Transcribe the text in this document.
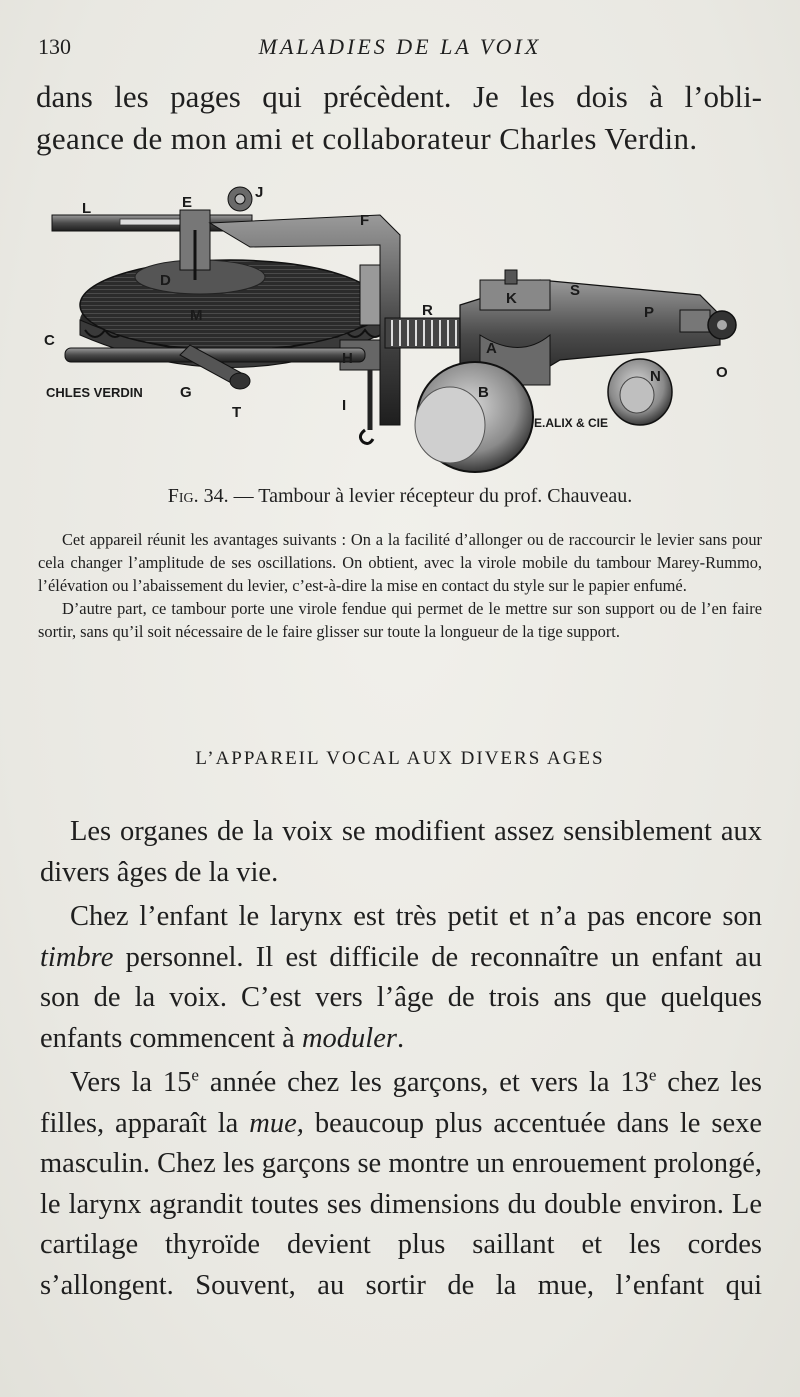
130	MALADIES DE LA VOIX

dans les pages qui précèdent. Je les dois à l’obli-

geance de mon ami et collaborateur Charles Verdin.

L	E
J
F
D
M
C
G
T
H
I
R
K	S
P
A
B
N	O
CHLES VERDIN
E.ALIX & CIE
Fig. 34. — Tambour à levier récepteur du prof. Chauveau.

Cet appareil réunit les avantages suivants : On a la facilité d’allonger ou de raccourcir le levier sans pour cela changer l’amplitude de ses oscillations. On obtient, avec la virole mobile du tambour Marey-Rummo, l’élévation ou l’abaissement du levier, c’est-à-dire la mise en contact du style sur le papier enfumé.

D’autre part, ce tambour porte une virole fendue qui permet de le mettre sur son support ou de l’en faire sortir, sans qu’il soit nécessaire de le faire glisser sur toute la longueur de la tige support.

L’APPAREIL VOCAL AUX DIVERS AGES

Les organes de la voix se modifient assez sensiblement aux divers âges de la vie.

Chez l’enfant le larynx est très petit et n’a pas encore son timbre personnel. Il est difficile de reconnaître un enfant au son de la voix. C’est vers l’âge de trois ans que quelques enfants commencent à moduler.

Vers la 15e année chez les garçons, et vers la 13e chez les filles, apparaît la mue, beaucoup plus accentuée dans le sexe masculin. Chez les garçons se montre un enrouement prolongé, le larynx agrandit toutes ses dimensions du double environ. Le cartilage thyroïde devient plus saillant et les cordes s’allongent. Souvent, au sortir de la mue, l’enfant qui
